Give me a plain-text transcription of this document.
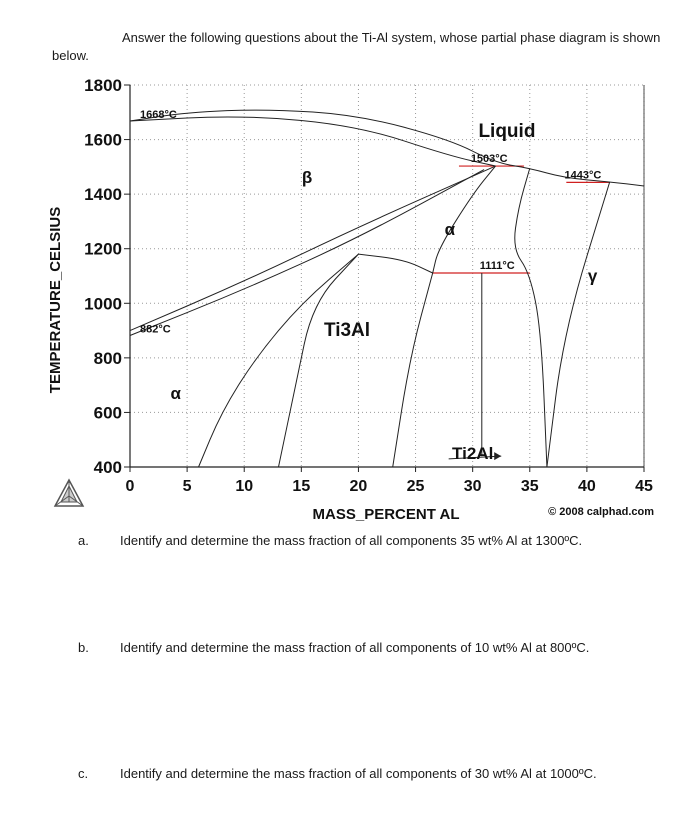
Answer the following questions about the Ti-Al system, whose partial phase diagram is shown below.
0	5	10 15 20 25 30 35 40 45
400
600
800
1000
1200
1400
1600
1800
Liquid
β
α
γ
α
Ti3Al
Ti2Al
1668°C
1503°C
1443°C
1111°C
882°C
TEMPERATURE_CELSIUS
MASS_PERCENT AL	© 2008 calphad.com
a. Identify and determine the mass fraction of all components 35 wt% Al at 1300ºC.
b. Identify and determine the mass fraction of all components of 10 wt% Al at 800ºC.
c. Identify and determine the mass fraction of all components of 30 wt% Al at 1000ºC.
